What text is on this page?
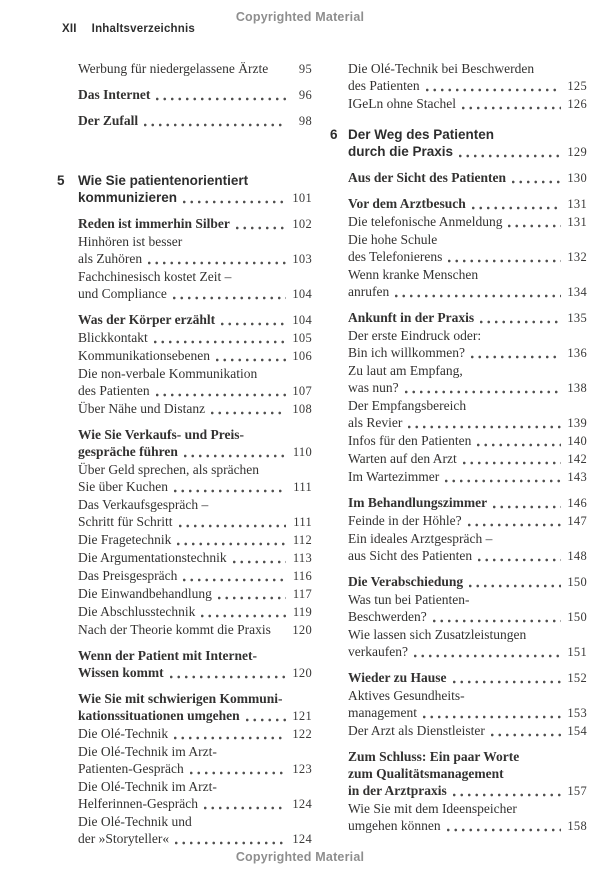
Copyrighted Material
XII Inhaltsverzeichnis
Werbung für niedergelassene Ärzte	95
Das Internet	96
Der Zufall	98
5 Wie Sie patientenorientiert
kommunizieren	101
Reden ist immerhin Silber	102
Hinhören ist besser
als Zuhören	103
Fachchinesisch kostet Zeit –
und Compliance	104
Was der Körper erzählt	104
Blickkontakt	105
Kommunikationsebenen	106
Die non-verbale Kommunikation
des Patienten	107
Über Nähe und Distanz	108
Wie Sie Verkaufs- und Preis-
gespräche führen	110
Über Geld sprechen, als sprächen
Sie über Kuchen	111
Das Verkaufsgespräch –
Schritt für Schritt	111
Die Fragetechnik	112
Die Argumentationstechnik	113
Das Preisgespräch	116
Die Einwandbehandlung	117
Die Abschlusstechnik	119
Nach der Theorie kommt die Praxis	120
Wenn der Patient mit Internet-
Wissen kommt	120
Wie Sie mit schwierigen Kommuni-
kationssituationen umgehen	121
Die Olé-Technik	122
Die Olé-Technik im Arzt-
Patienten-Gespräch	123
Die Olé-Technik im Arzt-
Helferinnen-Gespräch	124
Die Olé-Technik und
der »Storyteller«	124
Die Olé-Technik bei Beschwerden
des Patienten	125
IGeLn ohne Stachel	126
6 Der Weg des Patienten
durch die Praxis	129
Aus der Sicht des Patienten	130
Vor dem Arztbesuch	131
Die telefonische Anmeldung	131
Die hohe Schule
des Telefonierens	132
Wenn kranke Menschen
anrufen	134
Ankunft in der Praxis	135
Der erste Eindruck oder:
Bin ich willkommen?	136
Zu laut am Empfang,
was nun?	138
Der Empfangsbereich
als Revier	139
Infos für den Patienten	140
Warten auf den Arzt	142
Im Wartezimmer	143
Im Behandlungszimmer	146
Feinde in der Höhle?	147
Ein ideales Arztgespräch –
aus Sicht des Patienten	148
Die Verabschiedung	150
Was tun bei Patienten-
Beschwerden?	150
Wie lassen sich Zusatzleistungen
verkaufen?	151
Wieder zu Hause	152
Aktives Gesundheits-
management	153
Der Arzt als Dienstleister	154
Zum Schluss: Ein paar Worte
zum Qualitätsmanagement
in der Arztpraxis	157
Wie Sie mit dem Ideenspeicher
umgehen können	158
Copyrighted Material
